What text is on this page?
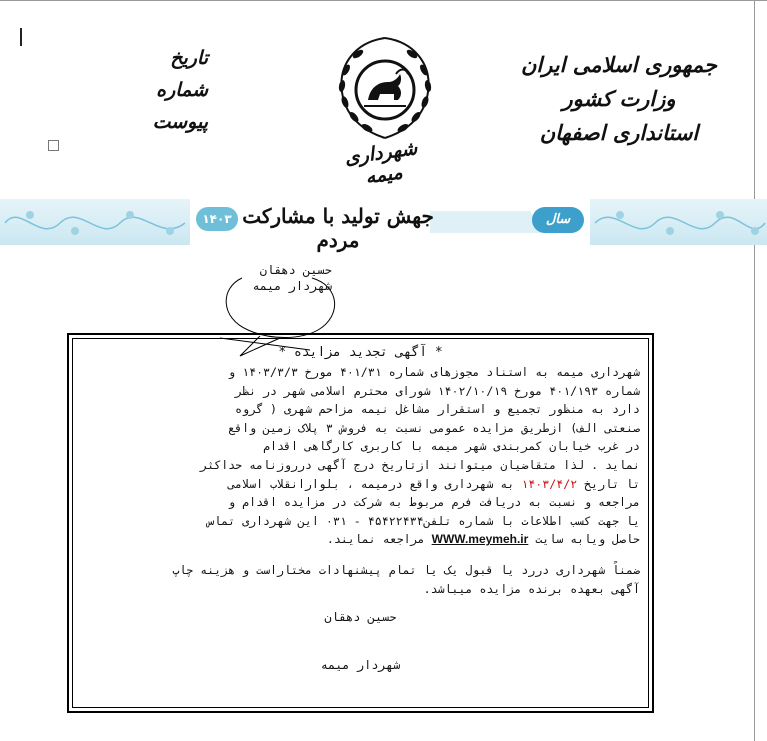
جمهوری اسلامی ایران
وزارت کشور
استانداری اصفهان
تاریخ
شماره
پیوست
شهرداری میمه
۱۴۰۳ جهش تولید با مشارکت مردم
سال
حسین دهقان
شهردار میمه
* آگهی تجدید مزایده *

شهرداری میمه به استناد مجوزهای شماره ۴۰۱/۳۱ مورخ ۱۴۰۳/۳/۳ و

شماره ۴۰۱/۱۹۳ مورخ ۱۴۰۲/۱۰/۱۹ شورای محترم اسلامی شهر در نظر

دارد به منظور تجمیع و استقرار مشاغل نیمه مزاحم شهری ( گروه

صنعتی الف) ازطریق مزایده عمومی نسبت به فروش ۳ پلاک زمین واقع

در غرب خیابان کمربندی شهر میمه با کاربری کارگاهی اقدام

نماید . لذا متقاضیان میتوانند ازتاریخ درج آگهی درروزنامه حداکثر

تا تاریخ ۱۴۰۳/۴/۲ به شهرداری واقع درمیمه ، بلوارانقلاب اسلامی

مراجعه و نسبت به دریافت فرم مربوط به شرکت در مزایده اقدام و

یا جهت کسب اطلاعات با شماره تلفن۴۵۴۲۲۴۳۴ - ۰۳۱ این شهرداری تماس

حاصل ویابه سایت WWW.meymeh.ir مراجعه نمایند.

ضمناً شهرداری دررد یا قبول یک یا تمام پیشنهادات مختاراست و هزینه چاپ

آگهی بعهده برنده مزایده میباشد.

حسین دهقان
شهردار میمه
